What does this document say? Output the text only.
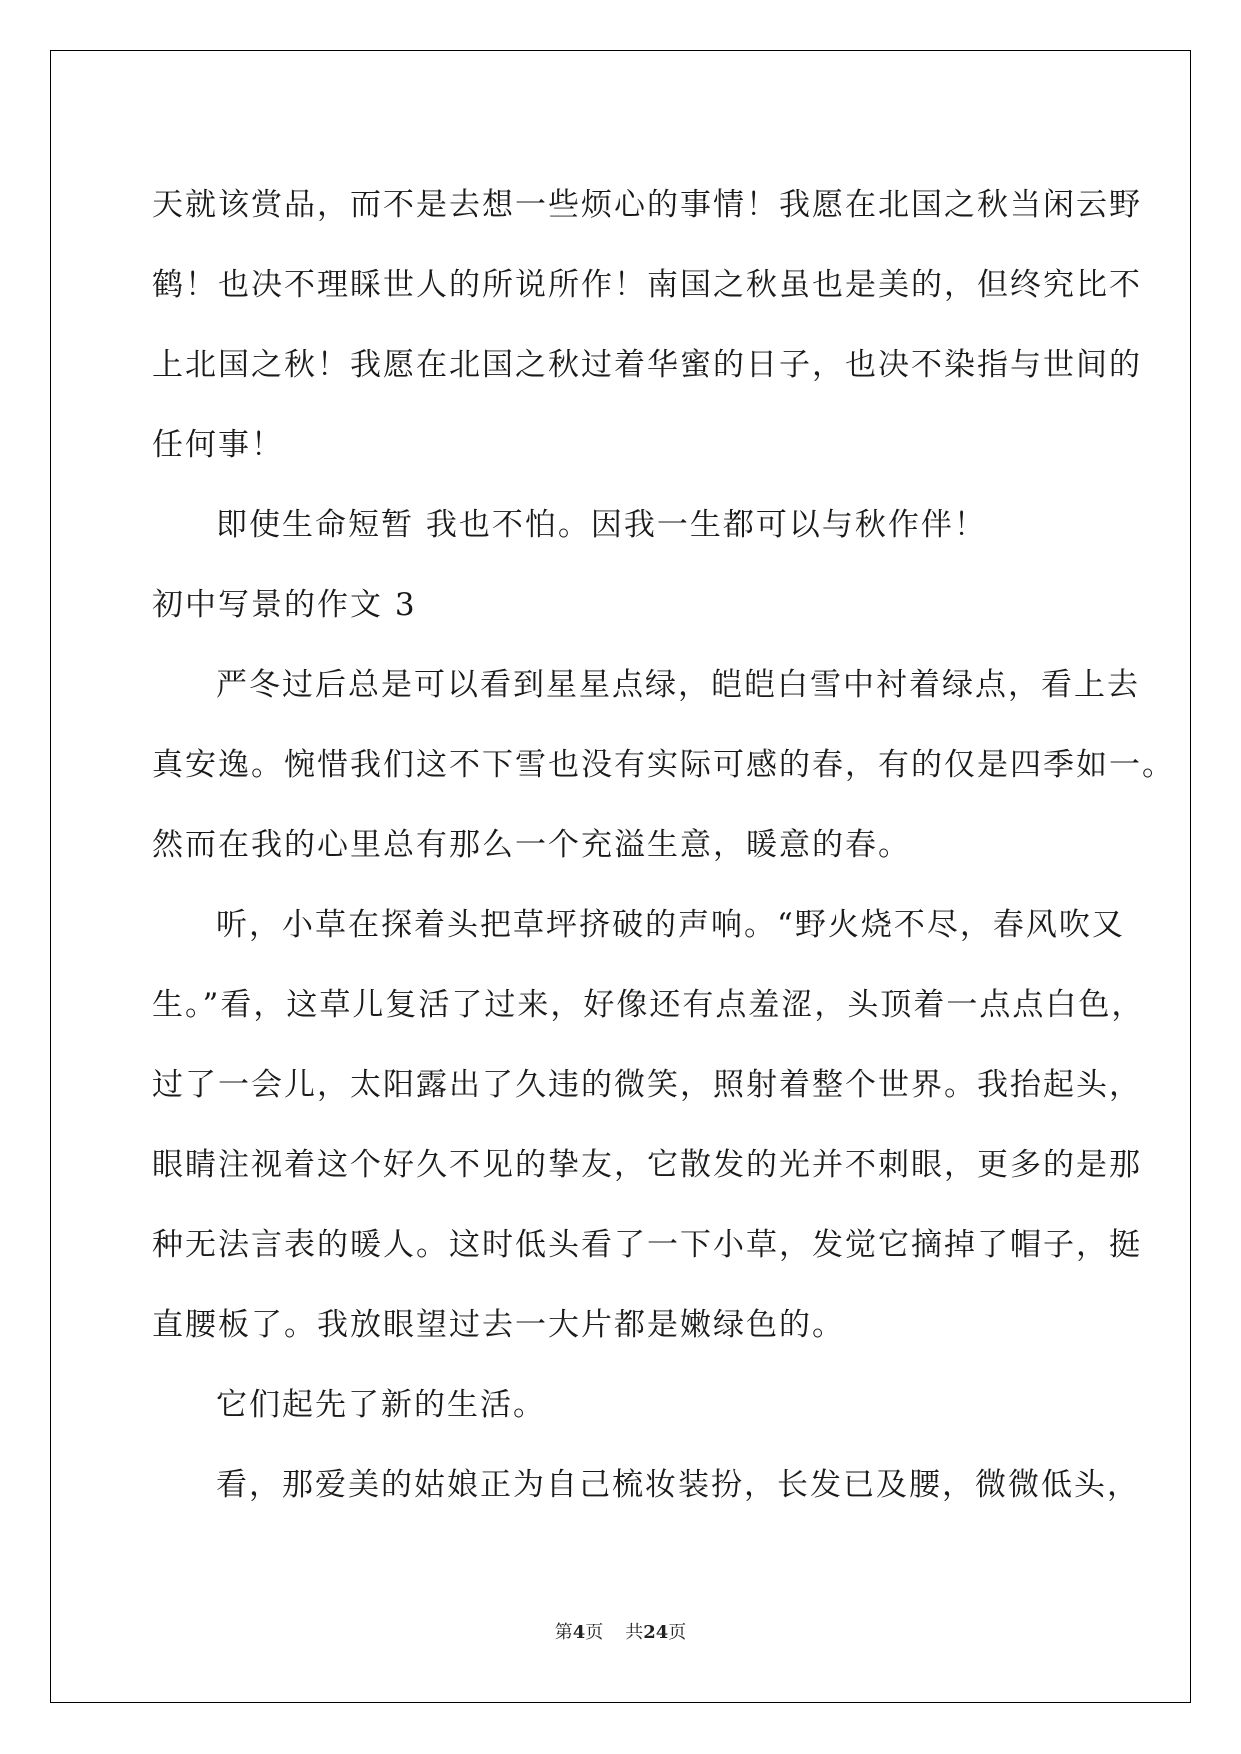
天就该赏品，而不是去想一些烦心的事情！我愿在北国之秋当闲云野
鹤！也决不理睬世人的所说所作！南国之秋虽也是美的，但终究比不
上北国之秋！我愿在北国之秋过着华蜜的日子，也决不染指与世间的
任何事！
即使生命短暂 我也不怕。因我一生都可以与秋作伴！
初中写景的作文 3
严冬过后总是可以看到星星点绿，皑皑白雪中衬着绿点，看上去
真安逸。惋惜我们这不下雪也没有实际可感的春，有的仅是四季如一。
然而在我的心里总有那么一个充溢生意，暖意的春。
听，小草在探着头把草坪挤破的声响。“野火烧不尽，春风吹又
生。”看，这草儿复活了过来，好像还有点羞涩，头顶着一点点白色，
过了一会儿，太阳露出了久违的微笑，照射着整个世界。我抬起头，
眼睛注视着这个好久不见的挚友，它散发的光并不刺眼，更多的是那
种无法言表的暖人。这时低头看了一下小草，发觉它摘掉了帽子，挺
直腰板了。我放眼望过去一大片都是嫩绿色的。
它们起先了新的生活。
看，那爱美的姑娘正为自己梳妆装扮，长发已及腰，微微低头，
第4页 共24页
